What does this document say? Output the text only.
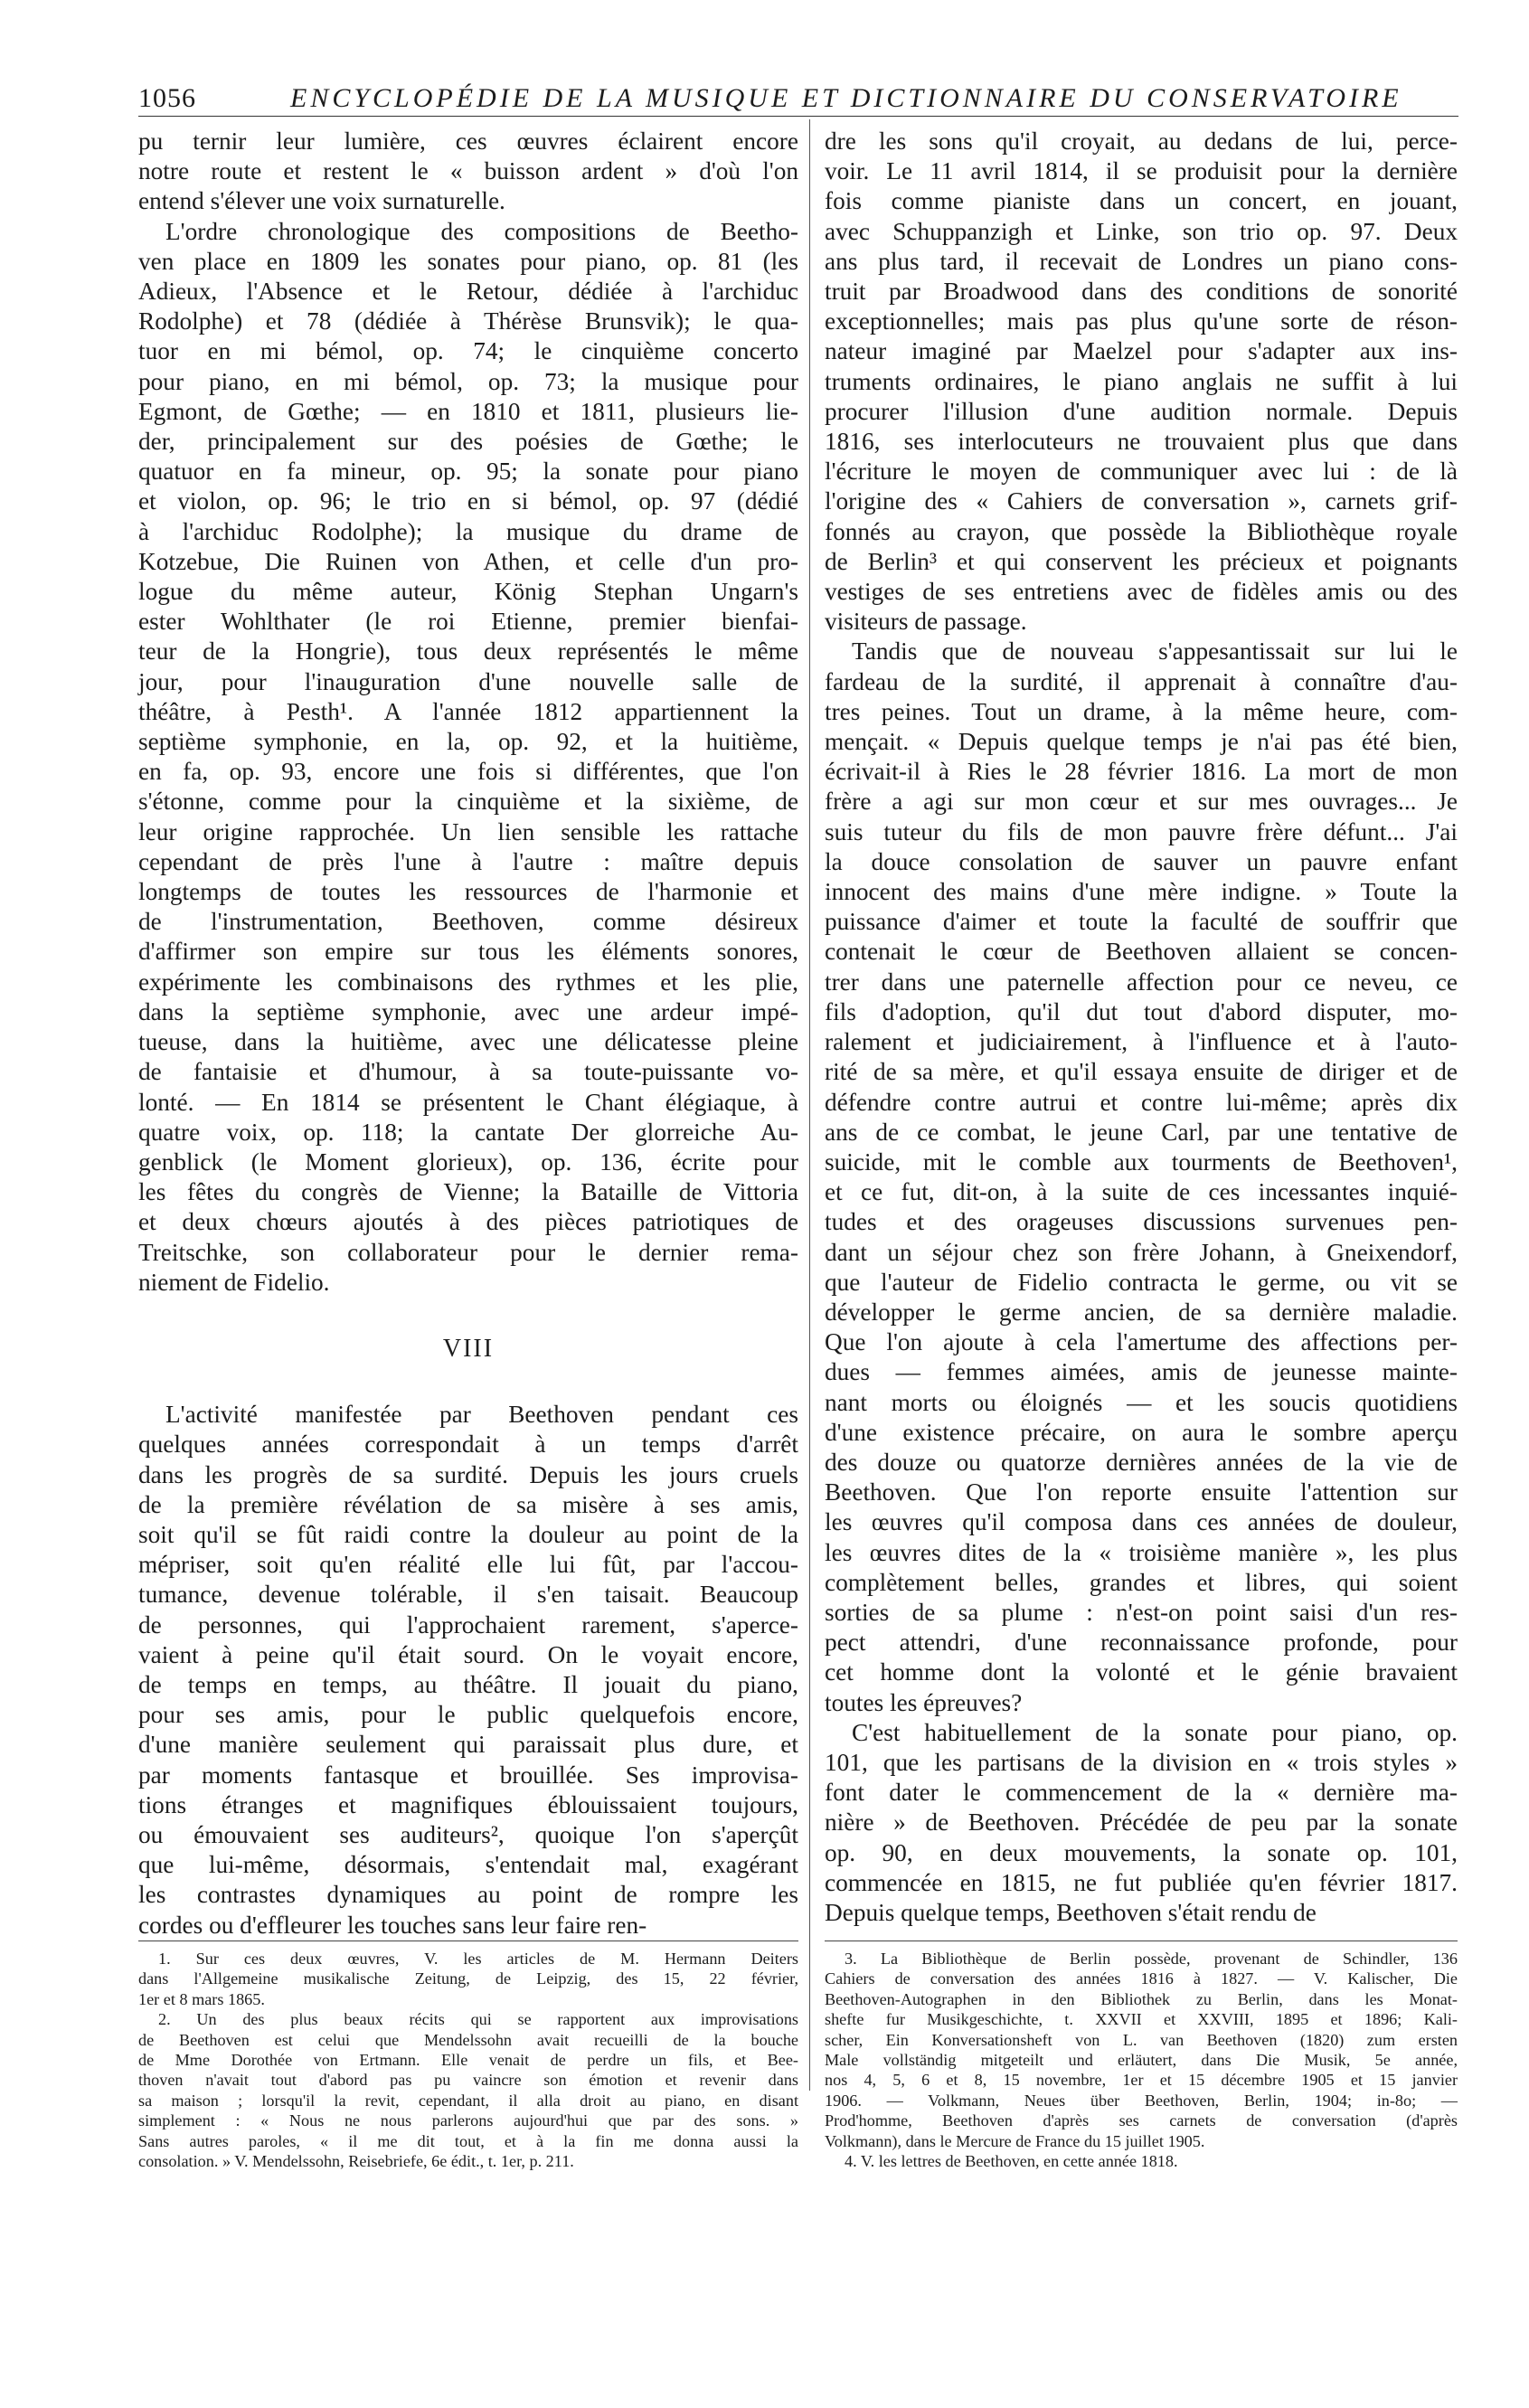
1056	ENCYCLOPÉDIE DE LA MUSIQUE ET DICTIONNAIRE DU CONSERVATOIRE

pu ternir leur lumière, ces œuvres éclairent encore

notre route et restent le « buisson ardent » d'où l'on

entend s'élever une voix surnaturelle.

L'ordre chronologique des compositions de Beetho-

ven place en 1809 les sonates pour piano, op. 81 (les

Adieux, l'Absence et le Retour, dédiée à l'archiduc

Rodolphe) et 78 (dédiée à Thérèse Brunsvik); le qua-

tuor en mi bémol, op. 74; le cinquième concerto

pour piano, en mi bémol, op. 73; la musique pour

Egmont, de Gœthe; — en 1810 et 1811, plusieurs lie-

der, principalement sur des poésies de Gœthe; le

quatuor en fa mineur, op. 95; la sonate pour piano

et violon, op. 96; le trio en si bémol, op. 97 (dédié

à l'archiduc Rodolphe); la musique du drame de

Kotzebue, Die Ruinen von Athen, et celle d'un pro-

logue du même auteur, König Stephan Ungarn's

ester Wohlthater (le roi Etienne, premier bienfai-

teur de la Hongrie), tous deux représentés le même

jour, pour l'inauguration d'une nouvelle salle de

théâtre, à Pesth¹. A l'année 1812 appartiennent la

septième symphonie, en la, op. 92, et la huitième,

en fa, op. 93, encore une fois si différentes, que l'on

s'étonne, comme pour la cinquième et la sixième, de

leur origine rapprochée. Un lien sensible les rattache

cependant de près l'une à l'autre : maître depuis

longtemps de toutes les ressources de l'harmonie et

de l'instrumentation, Beethoven, comme désireux

d'affirmer son empire sur tous les éléments sonores,

expérimente les combinaisons des rythmes et les plie,

dans la septième symphonie, avec une ardeur impé-

tueuse, dans la huitième, avec une délicatesse pleine

de fantaisie et d'humour, à sa toute-puissante vo-

lonté. — En 1814 se présentent le Chant élégiaque, à

quatre voix, op. 118; la cantate Der glorreiche Au-

genblick (le Moment glorieux), op. 136, écrite pour

les fêtes du congrès de Vienne; la Bataille de Vittoria

et deux chœurs ajoutés à des pièces patriotiques de

Treitschke, son collaborateur pour le dernier rema-

niement de Fidelio.

VIII

L'activité manifestée par Beethoven pendant ces

quelques années correspondait à un temps d'arrêt

dans les progrès de sa surdité. Depuis les jours cruels

de la première révélation de sa misère à ses amis,

soit qu'il se fût raidi contre la douleur au point de la

mépriser, soit qu'en réalité elle lui fût, par l'accou-

tumance, devenue tolérable, il s'en taisait. Beaucoup

de personnes, qui l'approchaient rarement, s'aperce-

vaient à peine qu'il était sourd. On le voyait encore,

de temps en temps, au théâtre. Il jouait du piano,

pour ses amis, pour le public quelquefois encore,

d'une manière seulement qui paraissait plus dure, et

par moments fantasque et brouillée. Ses improvisa-

tions étranges et magnifiques éblouissaient toujours,

ou émouvaient ses auditeurs², quoique l'on s'aperçût

que lui-même, désormais, s'entendait mal, exagérant

les contrastes dynamiques au point de rompre les

cordes ou d'effleurer les touches sans leur faire ren-

dre les sons qu'il croyait, au dedans de lui, perce-

voir. Le 11 avril 1814, il se produisit pour la dernière

fois comme pianiste dans un concert, en jouant,

avec Schuppanzigh et Linke, son trio op. 97. Deux

ans plus tard, il recevait de Londres un piano cons-

truit par Broadwood dans des conditions de sonorité

exceptionnelles; mais pas plus qu'une sorte de réson-

nateur imaginé par Maelzel pour s'adapter aux ins-

truments ordinaires, le piano anglais ne suffit à lui

procurer l'illusion d'une audition normale. Depuis

1816, ses interlocuteurs ne trouvaient plus que dans

l'écriture le moyen de communiquer avec lui : de là

l'origine des « Cahiers de conversation », carnets grif-

fonnés au crayon, que possède la Bibliothèque royale

de Berlin³ et qui conservent les précieux et poignants

vestiges de ses entretiens avec de fidèles amis ou des

visiteurs de passage.

Tandis que de nouveau s'appesantissait sur lui le

fardeau de la surdité, il apprenait à connaître d'au-

tres peines. Tout un drame, à la même heure, com-

mençait. « Depuis quelque temps je n'ai pas été bien,

écrivait-il à Ries le 28 février 1816. La mort de mon

frère a agi sur mon cœur et sur mes ouvrages... Je

suis tuteur du fils de mon pauvre frère défunt... J'ai

la douce consolation de sauver un pauvre enfant

innocent des mains d'une mère indigne. » Toute la

puissance d'aimer et toute la faculté de souffrir que

contenait le cœur de Beethoven allaient se concen-

trer dans une paternelle affection pour ce neveu, ce

fils d'adoption, qu'il dut tout d'abord disputer, mo-

ralement et judiciairement, à l'influence et à l'auto-

rité de sa mère, et qu'il essaya ensuite de diriger et de

défendre contre autrui et contre lui-même; après dix

ans de ce combat, le jeune Carl, par une tentative de

suicide, mit le comble aux tourments de Beethoven¹,

et ce fut, dit-on, à la suite de ces incessantes inquié-

tudes et des orageuses discussions survenues pen-

dant un séjour chez son frère Johann, à Gneixendorf,

que l'auteur de Fidelio contracta le germe, ou vit se

développer le germe ancien, de sa dernière maladie.

Que l'on ajoute à cela l'amertume des affections per-

dues — femmes aimées, amis de jeunesse mainte-

nant morts ou éloignés — et les soucis quotidiens

d'une existence précaire, on aura le sombre aperçu

des douze ou quatorze dernières années de la vie de

Beethoven. Que l'on reporte ensuite l'attention sur

les œuvres qu'il composa dans ces années de douleur,

les œuvres dites de la « troisième manière », les plus

complètement belles, grandes et libres, qui soient

sorties de sa plume : n'est-on point saisi d'un res-

pect attendri, d'une reconnaissance profonde, pour

cet homme dont la volonté et le génie bravaient

toutes les épreuves?

C'est habituellement de la sonate pour piano, op.

101, que les partisans de la division en « trois styles »

font dater le commencement de la « dernière ma-

nière » de Beethoven. Précédée de peu par la sonate

op. 90, en deux mouvements, la sonate op. 101,

commencée en 1815, ne fut publiée qu'en février 1817.

Depuis quelque temps, Beethoven s'était rendu de

1. Sur ces deux œuvres, V. les articles de M. Hermann Deiters

dans l'Allgemeine musikalische Zeitung, de Leipzig, des 15, 22 février,

1er et 8 mars 1865.

2. Un des plus beaux récits qui se rapportent aux improvisations

de Beethoven est celui que Mendelssohn avait recueilli de la bouche

de Mme Dorothée von Ertmann. Elle venait de perdre un fils, et Bee-

thoven n'avait tout d'abord pas pu vaincre son émotion et revenir dans

sa maison ; lorsqu'il la revit, cependant, il alla droit au piano, en disant

simplement : « Nous ne nous parlerons aujourd'hui que par des sons. »

Sans autres paroles, « il me dit tout, et à la fin me donna aussi la

consolation. » V. Mendelssohn, Reisebriefe, 6e édit., t. 1er, p. 211.

3. La Bibliothèque de Berlin possède, provenant de Schindler, 136

Cahiers de conversation des années 1816 à 1827. — V. Kalischer, Die

Beethoven-Autographen in den Bibliothek zu Berlin, dans les Monat-

shefte fur Musikgeschichte, t. XXVII et XXVIII, 1895 et 1896; Kali-

scher, Ein Konversationsheft von L. van Beethoven (1820) zum ersten

Male vollständig mitgeteilt und erläutert, dans Die Musik, 5e année,

nos 4, 5, 6 et 8, 15 novembre, 1er et 15 décembre 1905 et 15 janvier

1906. — Volkmann, Neues über Beethoven, Berlin, 1904; in-8o; —

Prod'homme, Beethoven d'après ses carnets de conversation (d'après

Volkmann), dans le Mercure de France du 15 juillet 1905.

4. V. les lettres de Beethoven, en cette année 1818.
